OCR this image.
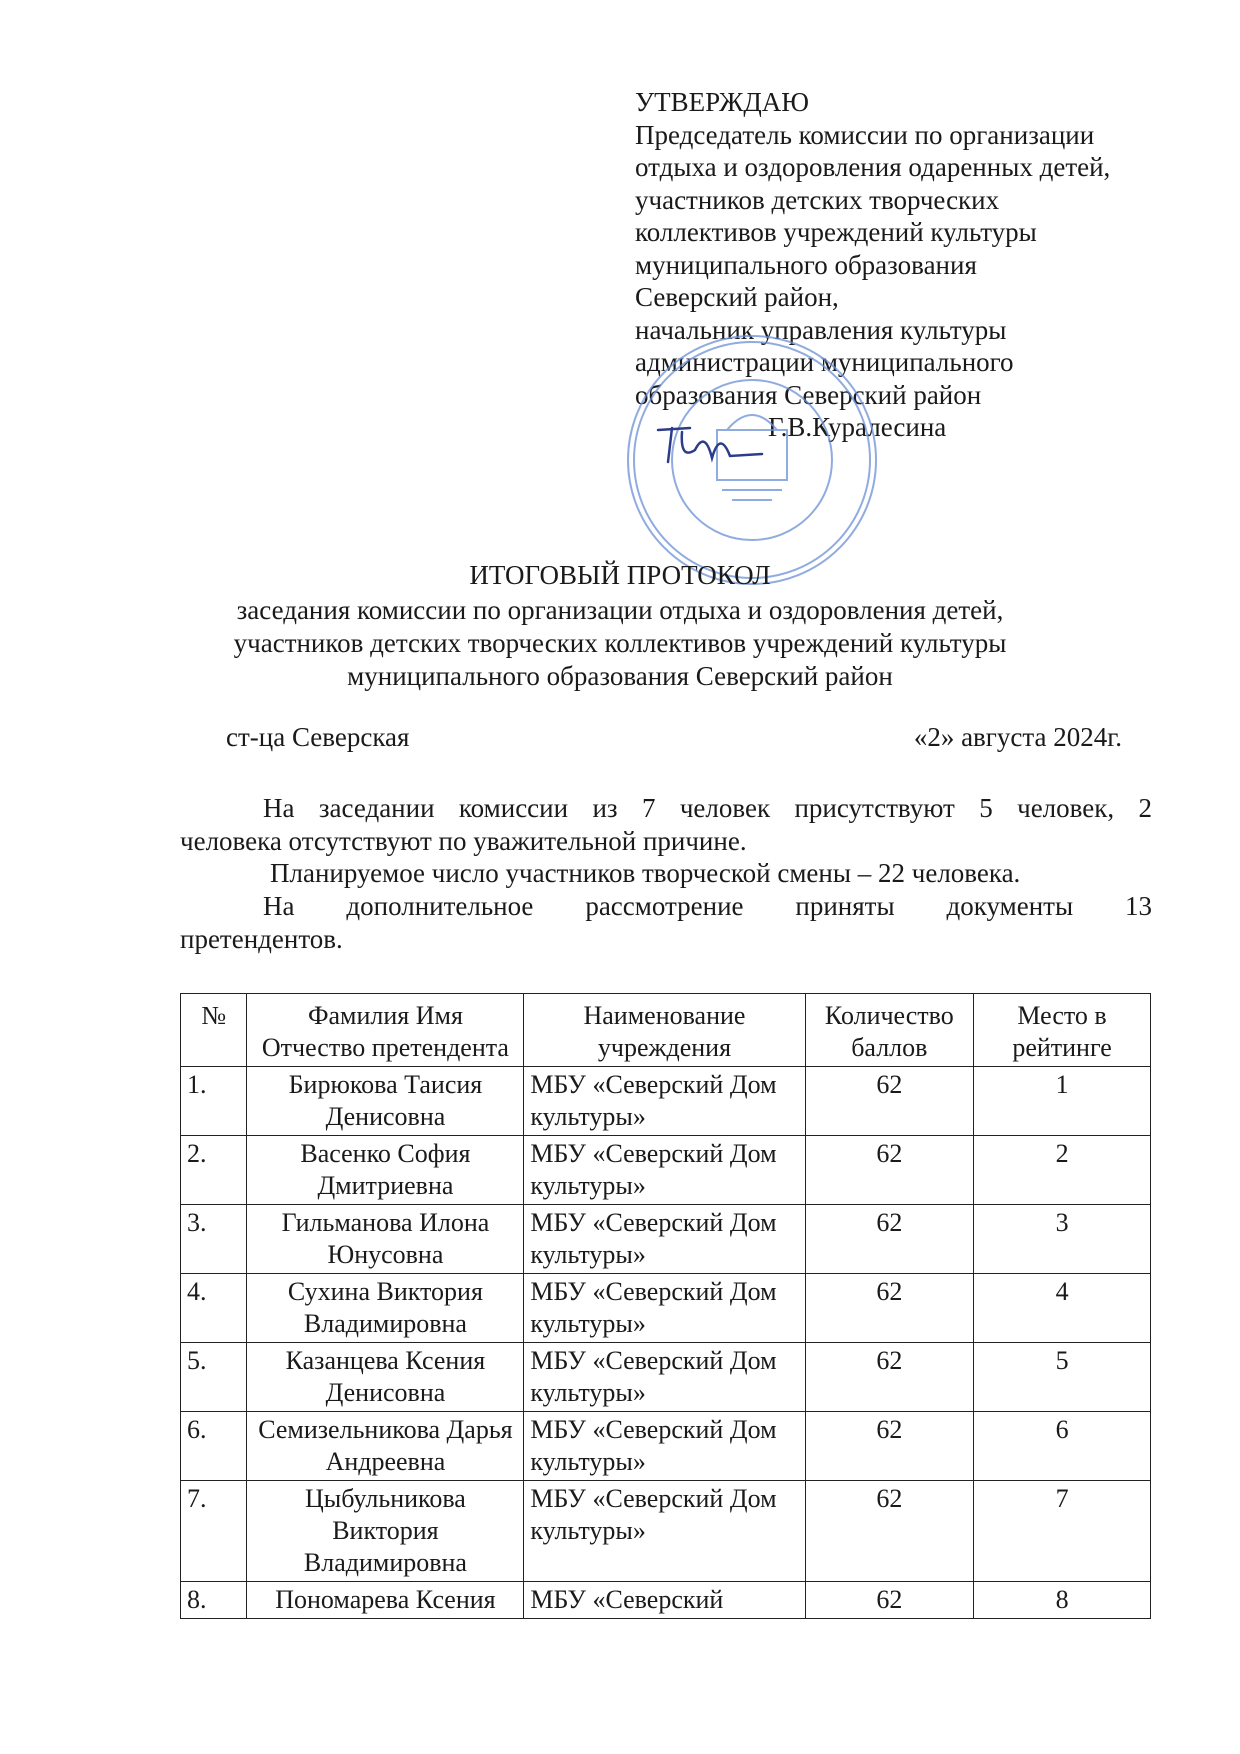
УТВЕРЖДАЮ
Председатель комиссии по организации
отдыха и оздоровления одаренных детей,
участников детских творческих
коллективов учреждений культуры
муниципального образования
Северский район,
начальник управления культуры
администрации муниципального
образования Северский район
Г.В.Куралесина
ИТОГОВЫЙ ПРОТОКОЛ
заседания комиссии по организации отдыха и оздоровления детей,
участников детских творческих коллективов учреждений культуры
муниципального образования Северский район
ст-ца Северская	«2» августа 2024г.
На заседании комиссии из 7 человек присутствуют 5 человек, 2
человека отсутствуют по уважительной причине.
Планируемое число участников творческой смены – 22 человека.
На дополнительное рассмотрение приняты документы 13
претендентов.
№	Фамилия Имя Отчество претендента	Наименование учреждения	Количество баллов	Место в рейтинге
1.	Бирюкова Таисия Денисовна	МБУ «Северский Дом культуры»	62	1
2.	Васенко София Дмитриевна	МБУ «Северский Дом культуры»	62	2
3.	Гильманова Илона Юнусовна	МБУ «Северский Дом культуры»	62	3
4.	Сухина Виктория Владимировна	МБУ «Северский Дом культуры»	62	4
5.	Казанцева Ксения Денисовна	МБУ «Северский Дом культуры»	62	5
6.	Семизельникова Дарья Андреевна	МБУ «Северский Дом культуры»	62	6
7.	Цыбульникова Виктория Владимировна	МБУ «Северский Дом культуры»	62	7
8.	Пономарева Ксения	МБУ «Северский	62	8
